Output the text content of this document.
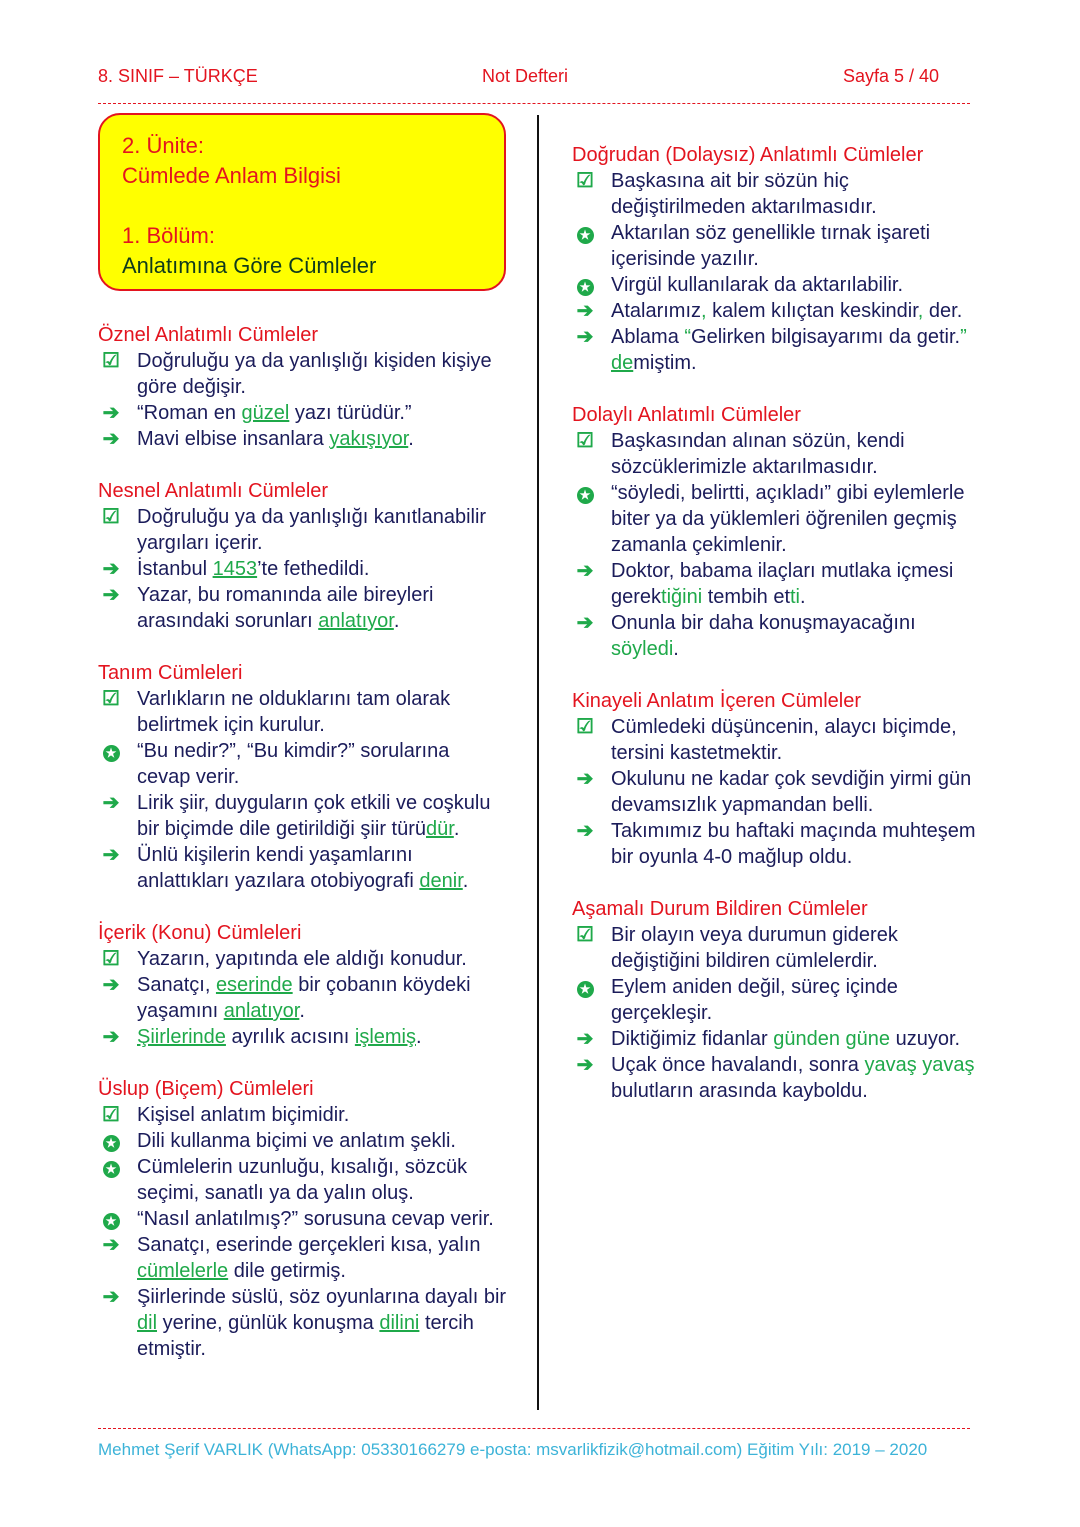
8. SINIF – TÜRKÇE	Not Defteri	Sayfa 5 / 40
2. Ünite:
Cümlede Anlam Bilgisi
1. Bölüm:
Anlatımına Göre Cümleler
Öznel Anlatımlı Cümleler
☑ Doğruluğu ya da yanlışlığı kişiden kişiye göre değişir.
➔ “Roman en güzel yazı türüdür.”
➔ Mavi elbise insanlara yakışıyor.
Nesnel Anlatımlı Cümleler
☑ Doğruluğu ya da yanlışlığı kanıtlanabilir yargıları içerir.
➔ İstanbul 1453’te fethedildi.
➔ Yazar, bu romanında aile bireyleri arasındaki sorunları anlatıyor.
Tanım Cümleleri
☑ Varlıkların ne olduklarını tam olarak belirtmek için kurulur.
★	“Bu nedir?”, “Bu kimdir?” sorularına cevap verir.
➔ Lirik şiir, duyguların çok etkili ve coşkulu bir biçimde dile getirildiği şiir türüdür.
➔ Ünlü kişilerin kendi yaşamlarını anlattıkları yazılara otobiyografi denir.
İçerik (Konu) Cümleleri
☑ Yazarın, yapıtında ele aldığı konudur.
➔ Sanatçı, eserinde bir çobanın köydeki yaşamını anlatıyor.
➔ Şiirlerinde ayrılık acısını işlemiş.
Üslup (Biçem) Cümleleri
☑ Kişisel anlatım biçimidir.
★	Dili kullanma biçimi ve anlatım şekli.
★	Cümlelerin uzunluğu, kısalığı, sözcük seçimi, sanatlı ya da yalın oluş.
★	“Nasıl anlatılmış?” sorusuna cevap verir.
➔ Sanatçı, eserinde gerçekleri kısa, yalın cümlelerle dile getirmiş.
➔ Şiirlerinde süslü, söz oyunlarına dayalı bir dil yerine, günlük konuşma dilini tercih etmiştir.
Doğrudan (Dolaysız) Anlatımlı Cümleler
☑ Başkasına ait bir sözün hiç değiştirilmeden aktarılmasıdır.
★	Aktarılan söz genellikle tırnak işareti içerisinde yazılır.
★	Virgül kullanılarak da aktarılabilir.
➔ Atalarımız, kalem kılıçtan keskindir, der.
➔ Ablama “Gelirken bilgisayarımı da getir.” demiştim.
Dolaylı Anlatımlı Cümleler
☑ Başkasından alınan sözün, kendi sözcüklerimizle aktarılmasıdır.
★	“söyledi, belirtti, açıkladı” gibi eylemlerle biter ya da yüklemleri öğrenilen geçmiş zamanla çekimlenir.
➔ Doktor, babama ilaçları mutlaka içmesi gerektiğini tembih etti.
➔ Onunla bir daha konuşmayacağını söyledi.
Kinayeli Anlatım İçeren Cümleler
☑ Cümledeki düşüncenin, alaycı biçimde, tersini kastetmektir.
➔ Okulunu ne kadar çok sevdiğin yirmi gün devamsızlık yapmandan belli.
➔ Takımımız bu haftaki maçında muhteşem bir oyunla 4-0 mağlup oldu.
Aşamalı Durum Bildiren Cümleler
☑ Bir olayın veya durumun giderek değiştiğini bildiren cümlelerdir.
★	Eylem aniden değil, süreç içinde gerçekleşir.
➔ Diktiğimiz fidanlar günden güne uzuyor.
➔ Uçak önce havalandı, sonra yavaş yavaş bulutların arasında kayboldu.
Mehmet Şerif VARLIK (WhatsApp: 05330166279 e-posta: msvarlikfizik@hotmail.com) Eğitim Yılı: 2019 – 2020
